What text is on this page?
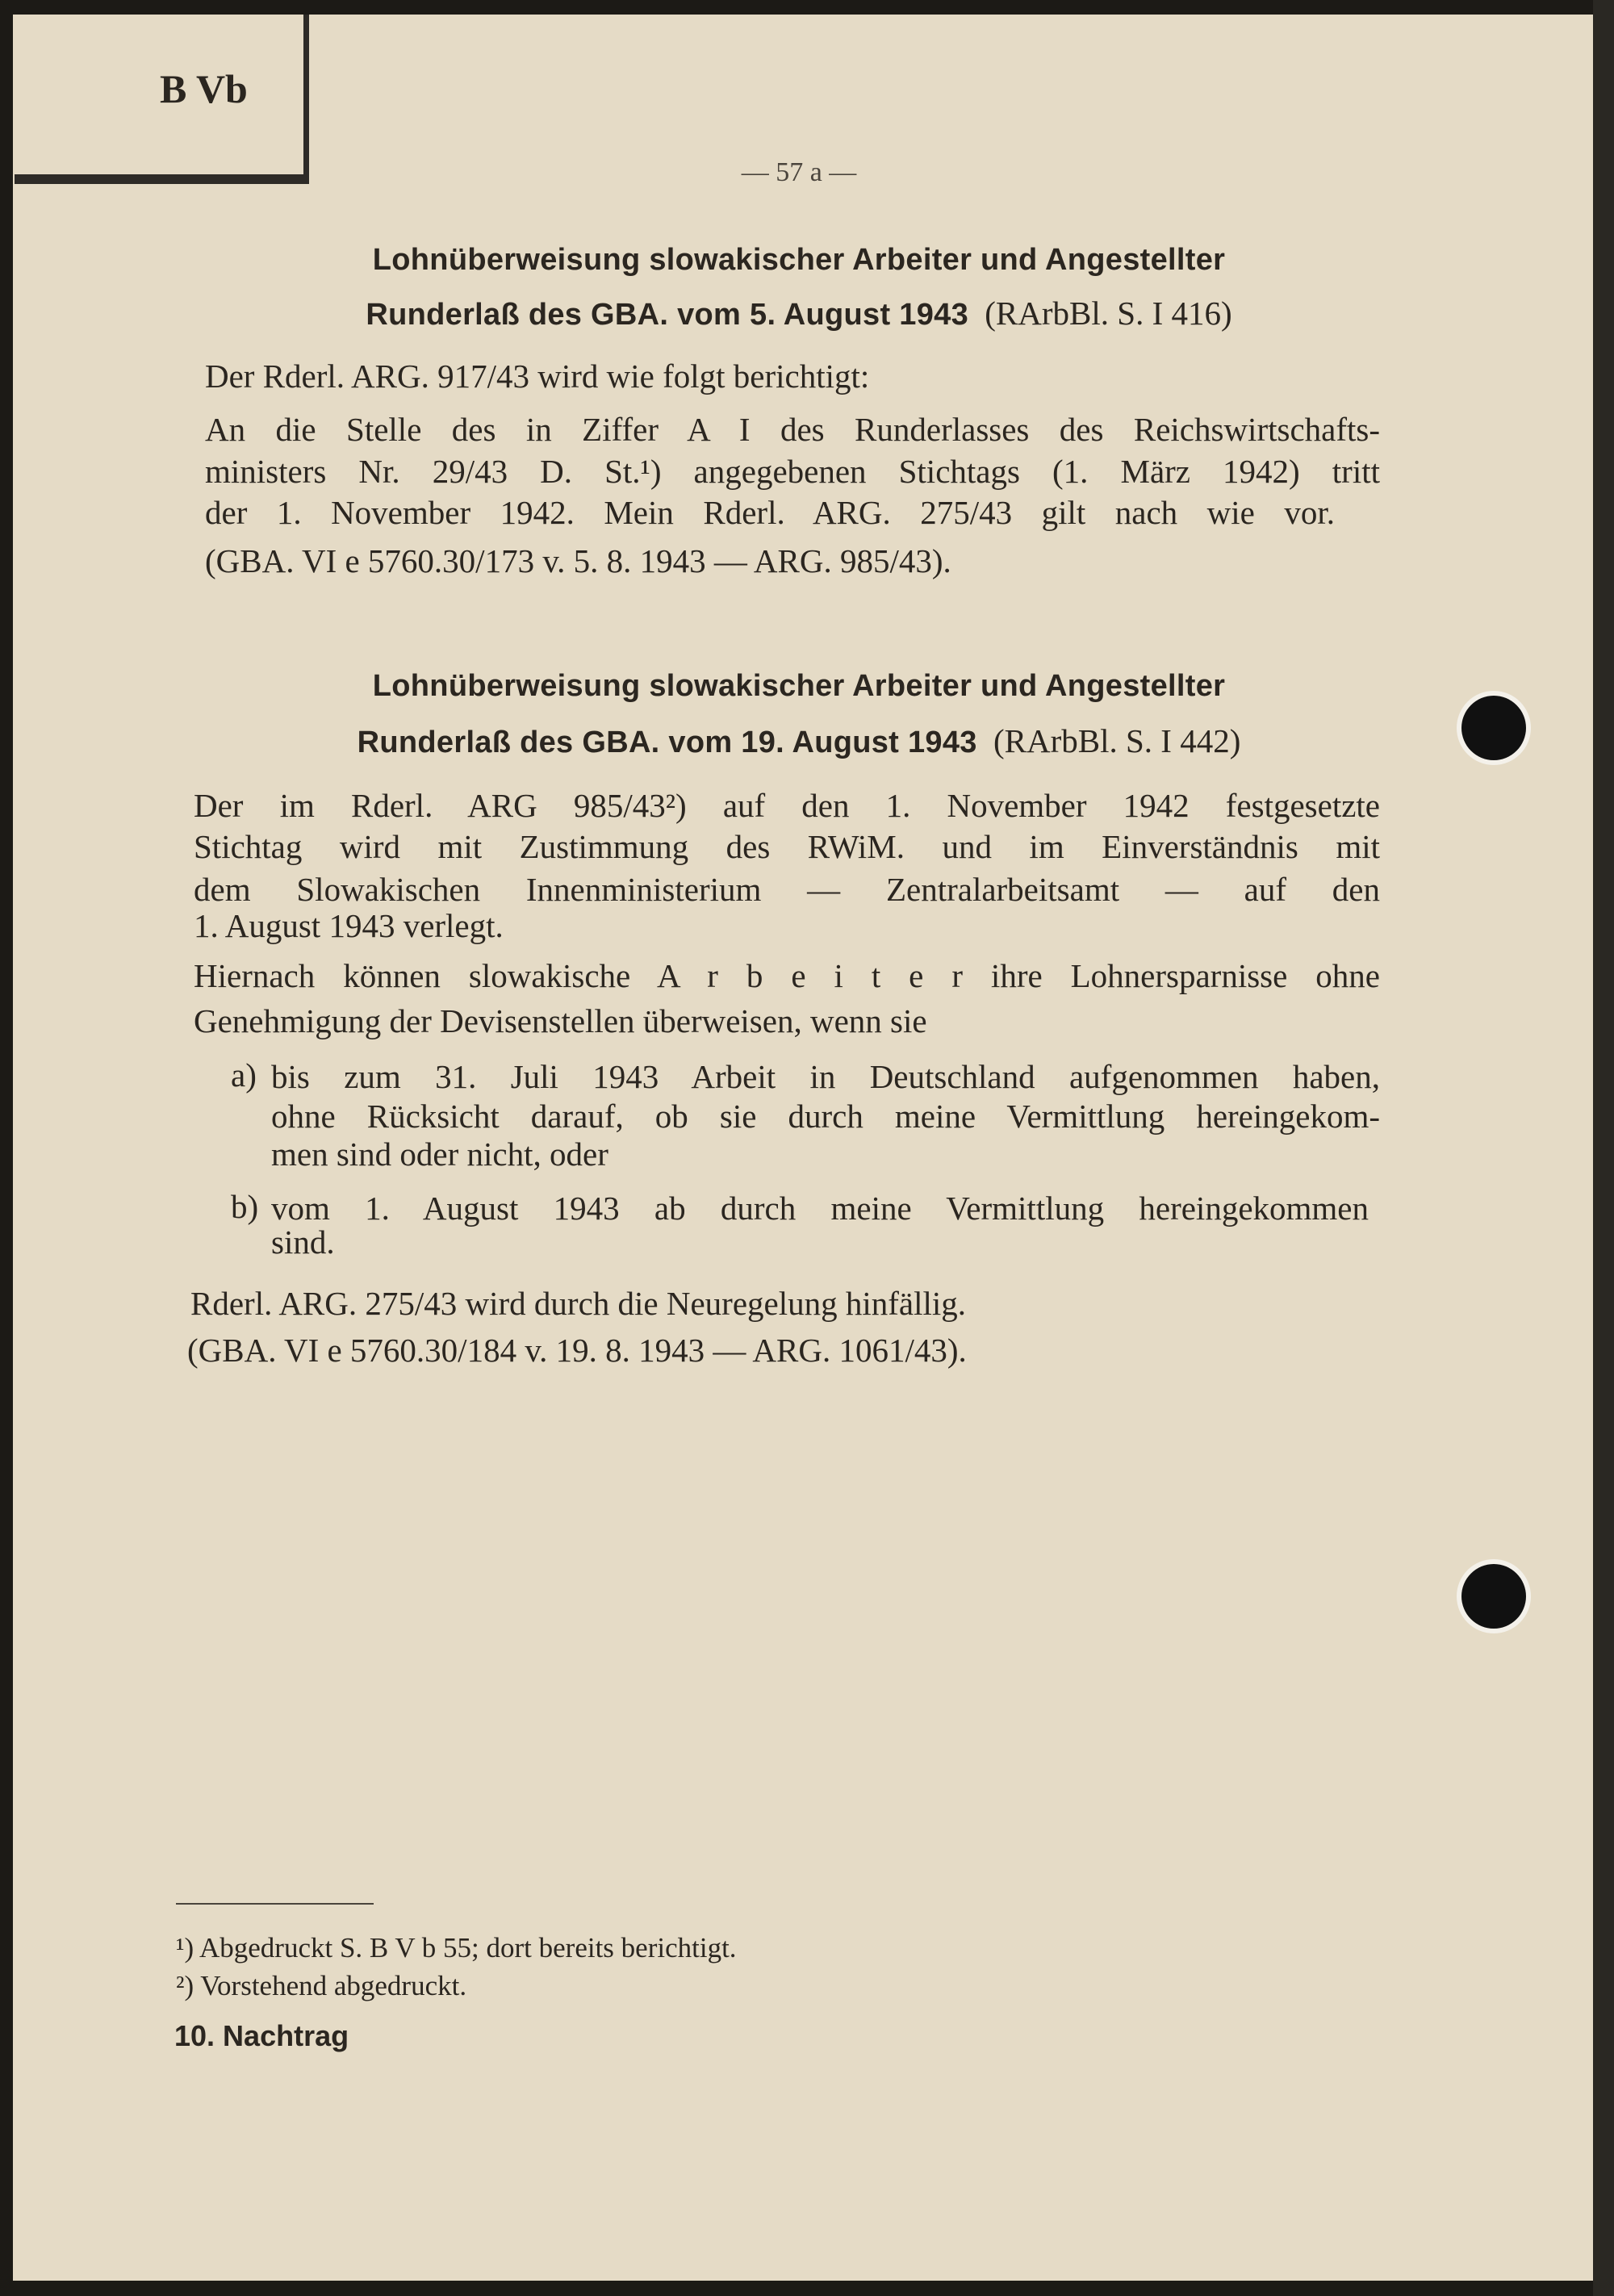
B Vb
— 57 a —
Lohnüberweisung slowakischer Arbeiter und Angestellter
Runderlaß des GBA. vom 5. August 1943 (RArbBl. S. I 416)
Der Rderl. ARG. 917/43 wird wie folgt berichtigt:
An die Stelle des in Ziffer A I des Runderlasses des Reichswirtschafts-
ministers Nr. 29/43 D. St.¹) angegebenen Stichtags (1. März 1942) tritt
der 1. November 1942. Mein Rderl. ARG. 275/43 gilt nach wie vor.
(GBA. VI e 5760.30/173 v. 5. 8. 1943 — ARG. 985/43).
Lohnüberweisung slowakischer Arbeiter und Angestellter
Runderlaß des GBA. vom 19. August 1943 (RArbBl. S. I 442)
Der im Rderl. ARG 985/43²) auf den 1. November 1942 festgesetzte
Stichtag wird mit Zustimmung des RWiM. und im Einverständnis mit
dem Slowakischen Innenministerium — Zentralarbeitsamt — auf den
1. August 1943 verlegt.
Hiernach können slowakische A r b e i t e r ihre Lohnersparnisse ohne
Genehmigung der Devisenstellen überweisen, wenn sie
a) bis zum 31. Juli 1943 Arbeit in Deutschland aufgenommen haben,
ohne Rücksicht darauf, ob sie durch meine Vermittlung hereingekom-
men sind oder nicht, oder
b) vom 1. August 1943 ab durch meine Vermittlung hereingekommen
sind.
Rderl. ARG. 275/43 wird durch die Neuregelung hinfällig.
(GBA. VI e 5760.30/184 v. 19. 8. 1943 — ARG. 1061/43).
¹) Abgedruckt S. B V b 55; dort bereits berichtigt.
²) Vorstehend abgedruckt.
10. Nachtrag
